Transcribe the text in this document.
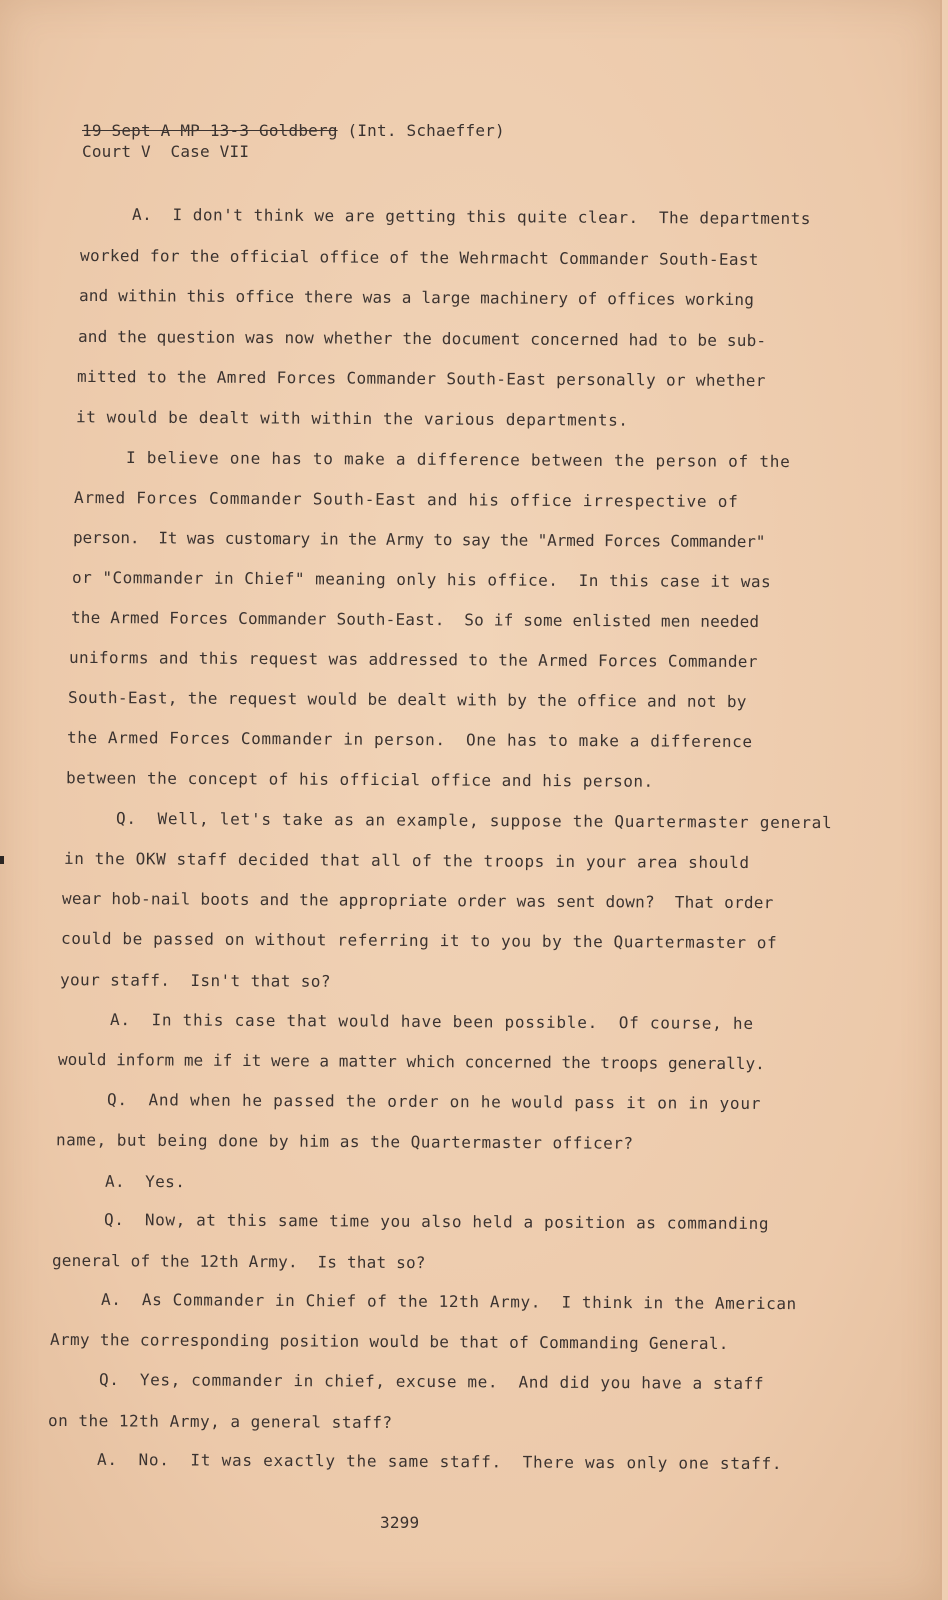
19 Sept A MP 13-3 Goldberg (Int. Schaeffer)
Court V  Case VII
A.  I don't think we are getting this quite clear.  The departments
worked for the official office of the Wehrmacht Commander South-East
and within this office there was a large machinery of offices working
and the question was now whether the document concerned had to be sub-
mitted to the Amred Forces Commander South-East personally or whether
it would be dealt with within the various departments.
I believe one has to make a difference between the person of the
Armed Forces Commander South-East and his office irrespective of
person.  It was customary in the Army to say the "Armed Forces Commander"
or "Commander in Chief" meaning only his office.  In this case it was
the Armed Forces Commander South-East.  So if some enlisted men needed
uniforms and this request was addressed to the Armed Forces Commander
South-East, the request would be dealt with by the office and not by
the Armed Forces Commander in person.  One has to make a difference
between the concept of his official office and his person.
Q.  Well, let's take as an example, suppose the Quartermaster general
in the OKW staff decided that all of the troops in your area should
wear hob-nail boots and the appropriate order was sent down?  That order
could be passed on without referring it to you by the Quartermaster of
your staff.  Isn't that so?
A.  In this case that would have been possible.  Of course, he
would inform me if it were a matter which concerned the troops generally.
Q.  And when he passed the order on he would pass it on in your
name, but being done by him as the Quartermaster officer?
A.  Yes.
Q.  Now, at this same time you also held a position as commanding
general of the 12th Army.  Is that so?
A.  As Commander in Chief of the 12th Army.  I think in the American
Army the corresponding position would be that of Commanding General.
Q.  Yes, commander in chief, excuse me.  And did you have a staff
on the 12th Army, a general staff?
A.  No.  It was exactly the same staff.  There was only one staff.
3299
